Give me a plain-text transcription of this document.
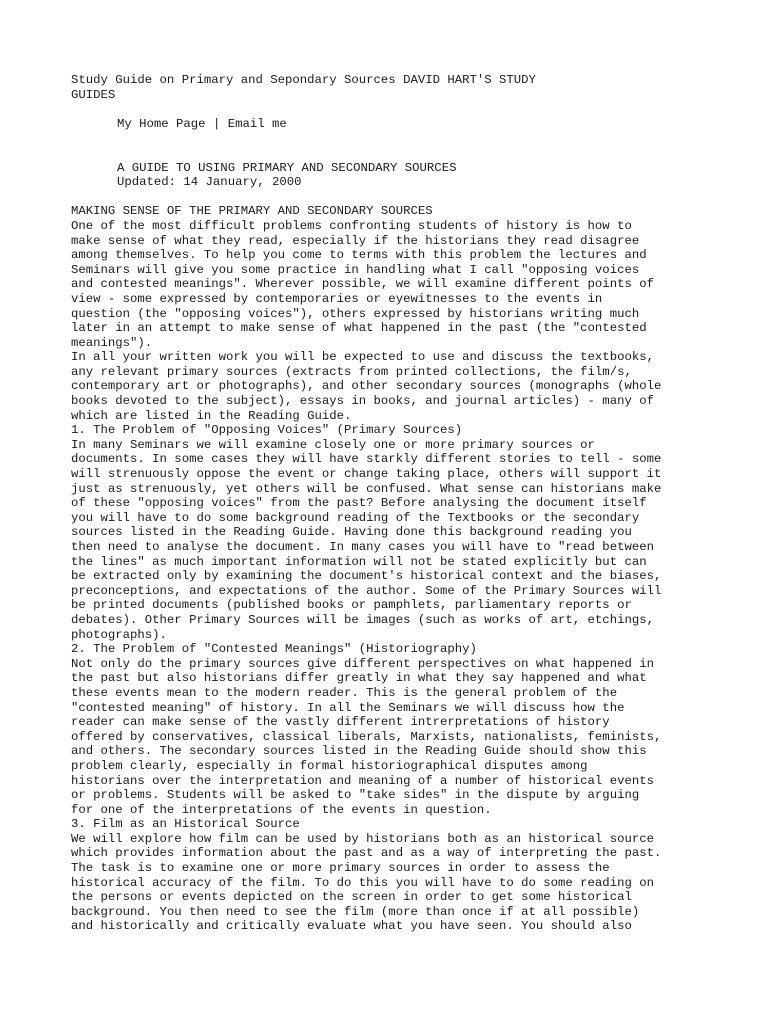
Study Guide on Primary and Sepondary Sources DAVID HART'S STUDY
GUIDES
My Home Page | Email me
A GUIDE TO USING PRIMARY AND SECONDARY SOURCES
Updated: 14 January, 2000
MAKING SENSE OF THE PRIMARY AND SECONDARY SOURCES
One of the most difficult problems confronting students of history is how to
make sense of what they read, especially if the historians they read disagree
among themselves. To help you come to terms with this problem the lectures and
Seminars will give you some practice in handling what I call "opposing voices
and contested meanings". Wherever possible, we will examine different points of
view - some expressed by contemporaries or eyewitnesses to the events in
question (the "opposing voices"), others expressed by historians writing much
later in an attempt to make sense of what happened in the past (the "contested
meanings").
In all your written work you will be expected to use and discuss the textbooks,
any relevant primary sources (extracts from printed collections, the film/s,
contemporary art or photographs), and other secondary sources (monographs (whole
books devoted to the subject), essays in books, and journal articles) - many of
which are listed in the Reading Guide.
1. The Problem of "Opposing Voices" (Primary Sources)
In many Seminars we will examine closely one or more primary sources or
documents. In some cases they will have starkly different stories to tell - some
will strenuously oppose the event or change taking place, others will support it
just as strenuously, yet others will be confused. What sense can historians make
of these "opposing voices" from the past? Before analysing the document itself
you will have to do some background reading of the Textbooks or the secondary
sources listed in the Reading Guide. Having done this background reading you
then need to analyse the document. In many cases you will have to "read between
the lines" as much important information will not be stated explicitly but can
be extracted only by examining the document's historical context and the biases,
preconceptions, and expectations of the author. Some of the Primary Sources will
be printed documents (published books or pamphlets, parliamentary reports or
debates). Other Primary Sources will be images (such as works of art, etchings,
photographs).
2. The Problem of "Contested Meanings" (Historiography)
Not only do the primary sources give different perspectives on what happened in
the past but also historians differ greatly in what they say happened and what
these events mean to the modern reader. This is the general problem of the
"contested meaning" of history. In all the Seminars we will discuss how the
reader can make sense of the vastly different intrerpretations of history
offered by conservatives, classical liberals, Marxists, nationalists, feminists,
and others. The secondary sources listed in the Reading Guide should show this
problem clearly, especially in formal historiographical disputes among
historians over the interpretation and meaning of a number of historical events
or problems. Students will be asked to "take sides" in the dispute by arguing
for one of the interpretations of the events in question.
3. Film as an Historical Source
We will explore how film can be used by historians both as an historical source
which provides information about the past and as a way of interpreting the past.
The task is to examine one or more primary sources in order to assess the
historical accuracy of the film. To do this you will have to do some reading on
the persons or events depicted on the screen in order to get some historical
background. You then need to see the film (more than once if at all possible)
and historically and critically evaluate what you have seen. You should also
